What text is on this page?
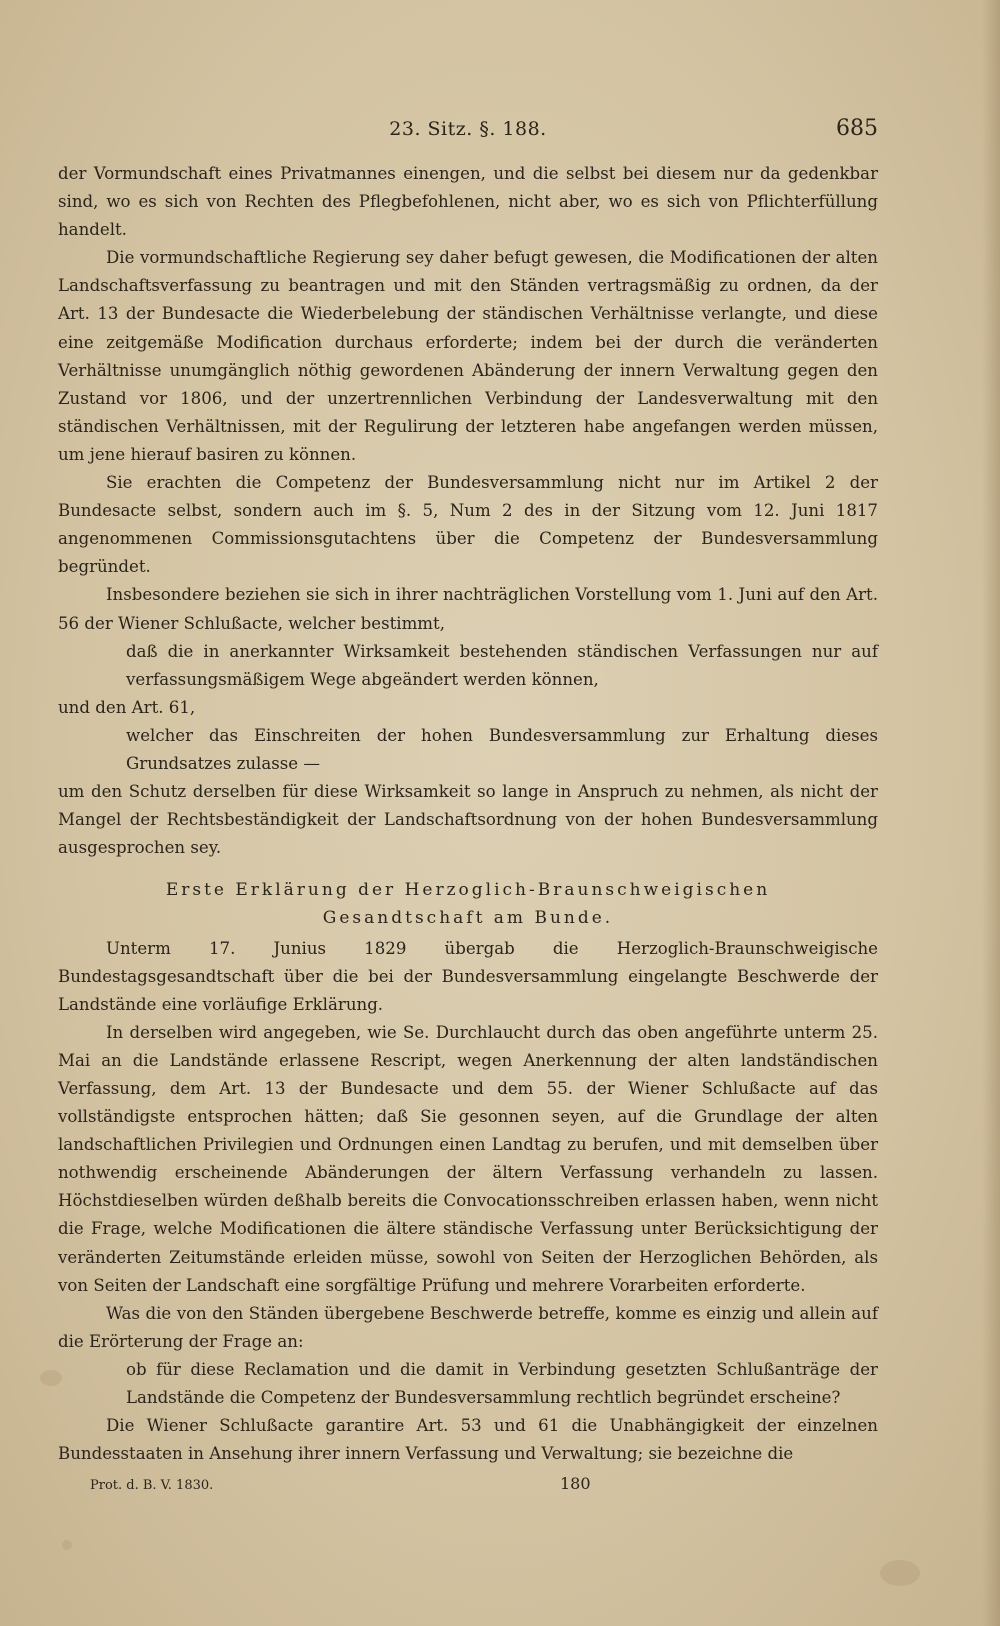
23. Sitz. §. 188.	685

der Vormundschaft eines Privatmannes einengen, und die selbst bei diesem nur da gedenkbar sind, wo es sich von Rechten des Pflegbefohlenen, nicht aber, wo es sich von Pflichterfüllung handelt.

Die vormundschaftliche Regierung sey daher befugt gewesen, die Modificationen der alten Landschaftsverfassung zu beantragen und mit den Ständen vertragsmäßig zu ordnen, da der Art. 13 der Bundesacte die Wiederbelebung der ständischen Verhältnisse verlangte, und diese eine zeitgemäße Modification durchaus erforderte; indem bei der durch die veränderten Verhältnisse unumgänglich nöthig gewordenen Abänderung der innern Verwaltung gegen den Zustand vor 1806, und der unzertrennlichen Verbindung der Landesverwaltung mit den ständischen Verhältnissen, mit der Regulirung der letzteren habe angefangen werden müssen, um jene hierauf basiren zu können.

Sie erachten die Competenz der Bundesversammlung nicht nur im Artikel 2 der Bundesacte selbst, sondern auch im §. 5, Num 2 des in der Sitzung vom 12. Juni 1817 angenommenen Commissionsgutachtens über die Competenz der Bundesversammlung begründet.

Insbesondere beziehen sie sich in ihrer nachträglichen Vorstellung vom 1. Juni auf den Art. 56 der Wiener Schlußacte, welcher bestimmt,

daß die in anerkannter Wirksamkeit bestehenden ständischen Verfassungen nur auf verfassungsmäßigem Wege abgeändert werden können,

und den Art. 61,

welcher das Einschreiten der hohen Bundesversammlung zur Erhaltung dieses Grundsatzes zulasse —

um den Schutz derselben für diese Wirksamkeit so lange in Anspruch zu nehmen, als nicht der Mangel der Rechtsbeständigkeit der Landschaftsordnung von der hohen Bundesversammlung ausgesprochen sey.

Erste Erklärung der Herzoglich-Braunschweigischen

Gesandtschaft am Bunde.

Unterm 17. Junius 1829 übergab die Herzoglich-Braunschweigische Bundestagsgesandtschaft über die bei der Bundesversammlung eingelangte Beschwerde der Landstände eine vorläufige Erklärung.

In derselben wird angegeben, wie Se. Durchlaucht durch das oben angeführte unterm 25. Mai an die Landstände erlassene Rescript, wegen Anerkennung der alten landständischen Verfassung, dem Art. 13 der Bundesacte und dem 55. der Wiener Schlußacte auf das vollständigste entsprochen hätten; daß Sie gesonnen seyen, auf die Grundlage der alten landschaftlichen Privilegien und Ordnungen einen Landtag zu berufen, und mit demselben über nothwendig erscheinende Abänderungen der ältern Verfassung verhandeln zu lassen. Höchstdieselben würden deßhalb bereits die Convocationsschreiben erlassen haben, wenn nicht die Frage, welche Modificationen die ältere ständische Verfassung unter Berücksichtigung der veränderten Zeitumstände erleiden müsse, sowohl von Seiten der Herzoglichen Behörden, als von Seiten der Landschaft eine sorgfältige Prüfung und mehrere Vorarbeiten erforderte.

Was die von den Ständen übergebene Beschwerde betreffe, komme es einzig und allein auf die Erörterung der Frage an:

ob für diese Reclamation und die damit in Verbindung gesetzten Schlußanträge der Landstände die Competenz der Bundesversammlung rechtlich begründet erscheine?

Die Wiener Schlußacte garantire Art. 53 und 61 die Unabhängigkeit der einzelnen Bundesstaaten in Ansehung ihrer innern Verfassung und Verwaltung; sie bezeichne die

Prot. d. B. V. 1830.	180
